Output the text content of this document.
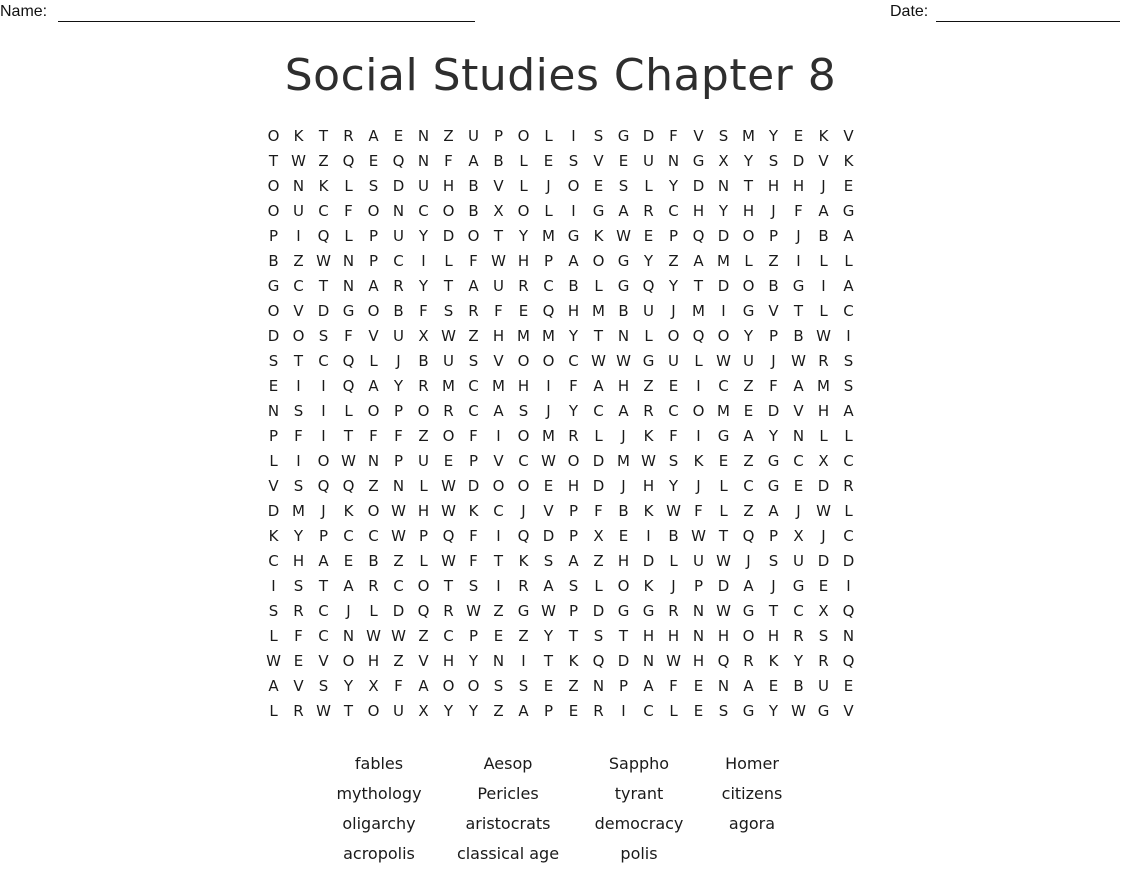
Name:	Date:
Social Studies Chapter 8
O K	T	R A	E N Z U P O L	I	S G D F	V	S M Y	E	K V
T W Z Q E Q N	F	A B	L	E	S	V	E U N G X	Y	S D V K
O N K	L	S D U H B V	L	J	O E	S	L	Y D N T H H	J	E
O U C	F O N C O B X O L	I	G A R C H Y H	J	F	A G
P	I	Q L	P U Y D O T	Y M G K W E	P Q D O P	J	B A
B Z W N P	C	I	L	F W H P	A O G Y	Z A M L	Z	I	L	L
G C	T N A R	Y	T	A U R C B	L	G Q Y	T D O B G	I	A
O V D G O B	F	S	R	F	E Q H M B U	J	M	I	G V	T	L	C
D O S	F	V U X W Z H M M Y	T N	L O Q O Y	P	B W	I
S	T	C Q L	J	B U S	V O O C W W G U	L W U	J	W R	S
E	I	I	Q A	Y	R M C M H	I	F	A H Z	E	I	C Z	F	A M S
N S	I	L O P O R C A	S	J	Y	C A R C O M E D V H A
P	F	I	T	F	F	Z O F	I	O M R	L	J	K	F	I	G A	Y N	L	L
L	I	O W N P U E	P	V C W O D M W S	K	E	Z G C X C
V	S Q Q Z N	L W D O O E H D	J	H Y	J	L	C G E D R
D M	J	K O W H W K C	J	V	P	F	B K W F	L	Z A	J	W L
K	Y	P	C C W P Q F	I	Q D P	X	E	I	B W T Q P	X	J	C
C H A	E	B Z	L W F	T	K	S	A Z H D	L	U W	J	S U D D
I	S	T	A R C O T	S	I	R A	S	L O K	J	P D A	J	G E	I
S	R C	J	L	D Q R W Z G W P D G G R N W G T	C X Q
L	F	C N W W Z C	P	E	Z	Y	T	S	T H H N H O H R	S N
W E	V O H Z V H Y N	I	T	K Q D N W H Q R K	Y	R Q
A V	S	Y	X	F	A O O S	S	E	Z N P	A	F	E N A	E	B U E
L	R W T O U X	Y	Y	Z A	P	E	R	I	C	L	E	S G Y W G V
fables	Aesop	Sappho	Homer
mythology	Pericles	tyrant	citizens
oligarchy	aristocrats	democracy	agora
acropolis	classical age	polis
